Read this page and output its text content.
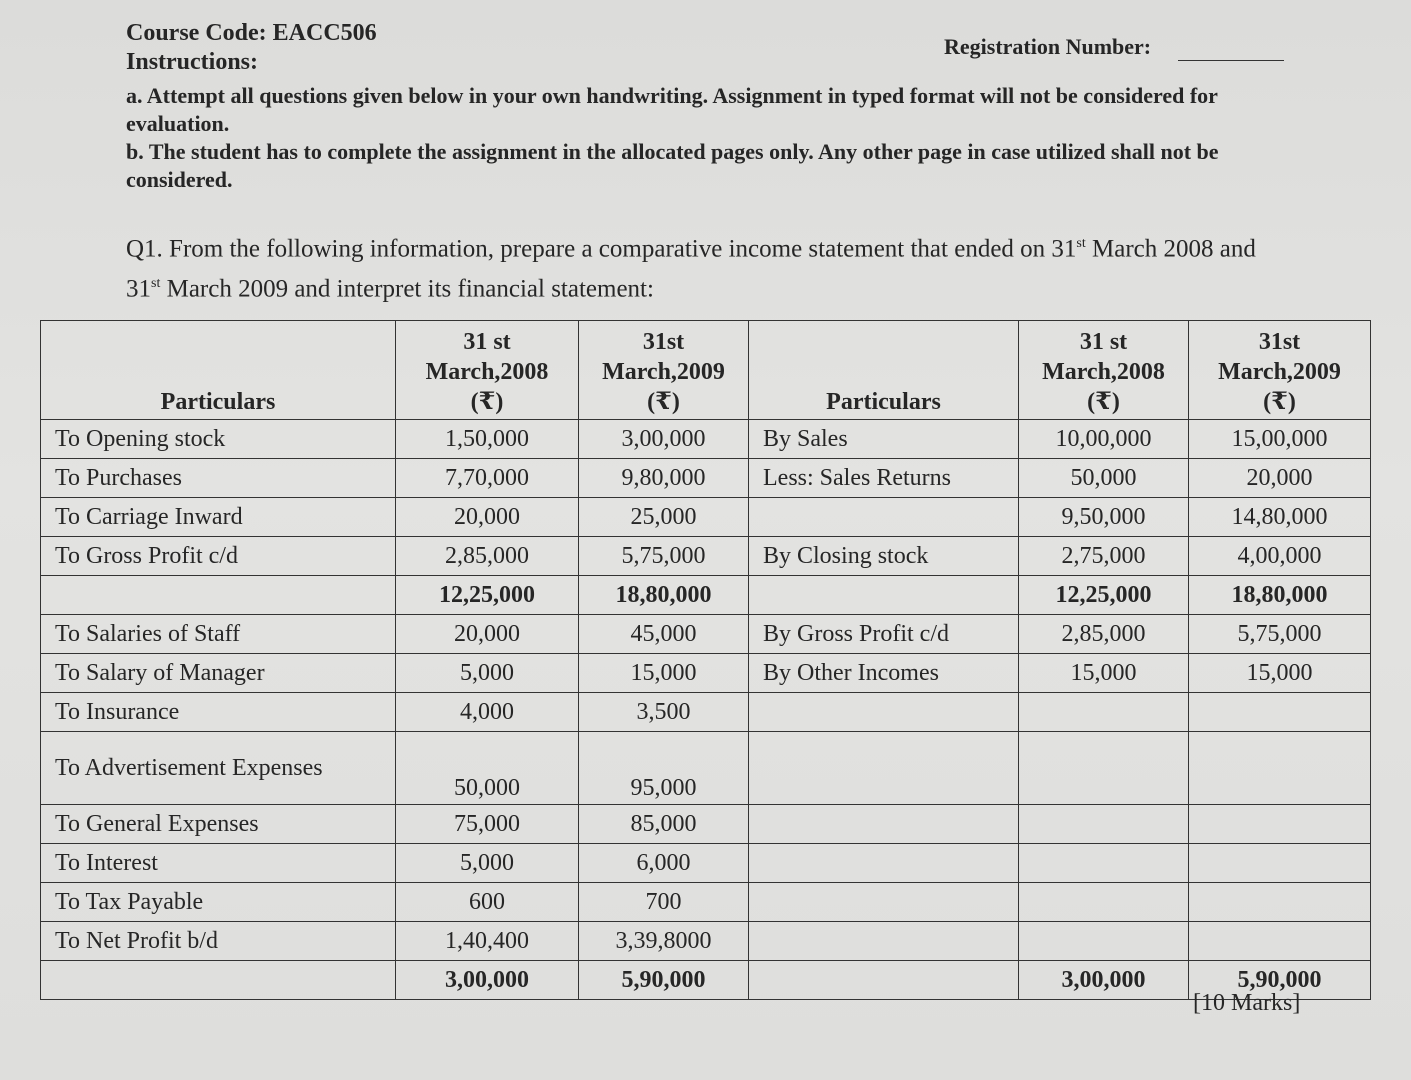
Course Code: EACC506
Instructions:
Registration Number:
a. Attempt all questions given below in your own handwriting. Assignment in typed format will not be considered for evaluation.
b. The student has to complete the assignment in the allocated pages only. Any other page in case utilized shall not be considered.
Q1. From the following information, prepare a comparative income statement that ended on 31st March 2008 and 31st March 2009 and interpret its financial statement:
Particulars	31 st
March,2008
(₹)	31st
March,2009
(₹)	Particulars	31 st
March,2008
(₹)	31st
March,2009
(₹)
To Opening stock	1,50,000	3,00,000	By Sales	10,00,000	15,00,000
To Purchases	7,70,000	9,80,000	Less: Sales Returns	50,000	20,000
To Carriage Inward	20,000	25,000		9,50,000	14,80,000
To Gross Profit c/d	2,85,000	5,75,000	By Closing stock	2,75,000	4,00,000
	12,25,000	18,80,000		12,25,000	18,80,000
To Salaries of Staff	20,000	45,000	By Gross Profit c/d	2,85,000	5,75,000
To Salary of Manager	5,000	15,000	By Other Incomes	15,000	15,000
To Insurance	4,000	3,500			
To Advertisement Expenses	50,000	95,000			
To General Expenses	75,000	85,000			
To Interest	5,000	6,000			
To Tax Payable	600	700			
To Net Profit b/d	1,40,400	3,39,8000			
	3,00,000	5,90,000		3,00,000	5,90,000
[10 Marks]
